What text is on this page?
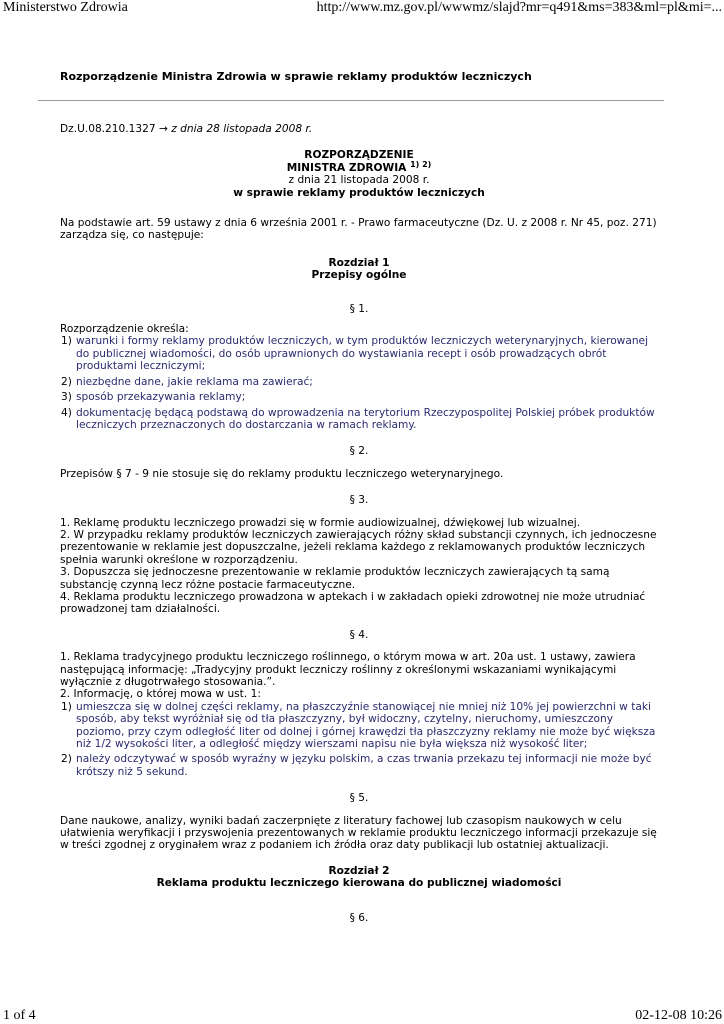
Ministerstwo Zdrowia	http://www.mz.gov.pl/wwwmz/slajd?mr=q491&ms=383&ml=pl&mi=...
Rozporządzenie Ministra Zdrowia w sprawie reklamy produktów leczniczych

Dz.U.08.210.1327 → z dnia 28 listopada 2008 r.

ROZPORZĄDZENIE
MINISTRA ZDROWIA $^{1) 2)}$
z dnia 21 listopada 2008 r.
w sprawie reklamy produktów leczniczych

Na podstawie art. 59 ustawy z dnia 6 września 2001 r. - Prawo farmaceutyczne (Dz. U. z 2008 r. Nr 45, poz. 271) zarządza się, co następuje:

Rozdział 1
Przepisy ogólne
§ 1.

Rozporządzenie określa:

1) warunki i formy reklamy produktów leczniczych, w tym produktów leczniczych weterynaryjnych, kierowanej do publicznej wiadomości, do osób uprawnionych do wystawiania recept i osób prowadzących obrót produktami leczniczymi;
2) niezbędne dane, jakie reklama ma zawierać;
3) sposób przekazywania reklamy;
4) dokumentację będącą podstawą do wprowadzenia na terytorium Rzeczypospolitej Polskiej próbek produktów leczniczych przeznaczonych do dostarczania w ramach reklamy.
§ 2.

Przepisów § 7 - 9 nie stosuje się do reklamy produktu leczniczego weterynaryjnego.

§ 3.

1. Reklamę produktu leczniczego prowadzi się w formie audiowizualnej, dźwiękowej lub wizualnej.

2. W przypadku reklamy produktów leczniczych zawierających różny skład substancji czynnych, ich jednoczesne prezentowanie w reklamie jest dopuszczalne, jeżeli reklama każdego z reklamowanych produktów leczniczych spełnia warunki określone w rozporządzeniu.

3. Dopuszcza się jednoczesne prezentowanie w reklamie produktów leczniczych zawierających tą samą substancję czynną lecz różne postacie farmaceutyczne.

4. Reklama produktu leczniczego prowadzona w aptekach i w zakładach opieki zdrowotnej nie może utrudniać prowadzonej tam działalności.

§ 4.

1. Reklama tradycyjnego produktu leczniczego roślinnego, o którym mowa w art. 20a ust. 1 ustawy, zawiera następującą informację: „Tradycyjny produkt leczniczy roślinny z określonymi wskazaniami wynikającymi wyłącznie z długotrwałego stosowania.”.

2. Informację, o której mowa w ust. 1:

1) umieszcza się w dolnej części reklamy, na płaszczyźnie stanowiącej nie mniej niż 10% jej powierzchni w taki sposób, aby tekst wyróżniał się od tła płaszczyzny, był widoczny, czytelny, nieruchomy, umieszczony poziomo, przy czym odległość liter od dolnej i górnej krawędzi tła płaszczyzny reklamy nie może być większa niż 1/2 wysokości liter, a odległość między wierszami napisu nie była większa niż wysokość liter;
2) należy odczytywać w sposób wyraźny w języku polskim, a czas trwania przekazu tej informacji nie może być krótszy niż 5 sekund.
§ 5.

Dane naukowe, analizy, wyniki badań zaczerpnięte z literatury fachowej lub czasopism naukowych w celu ułatwienia weryfikacji i przyswojenia prezentowanych w reklamie produktu leczniczego informacji przekazuje się w treści zgodnej z oryginałem wraz z podaniem ich źródła oraz daty publikacji lub ostatniej aktualizacji.

Rozdział 2
Reklama produktu leczniczego kierowana do publicznej wiadomości
§ 6.
1 of 4	02-12-08 10:26
